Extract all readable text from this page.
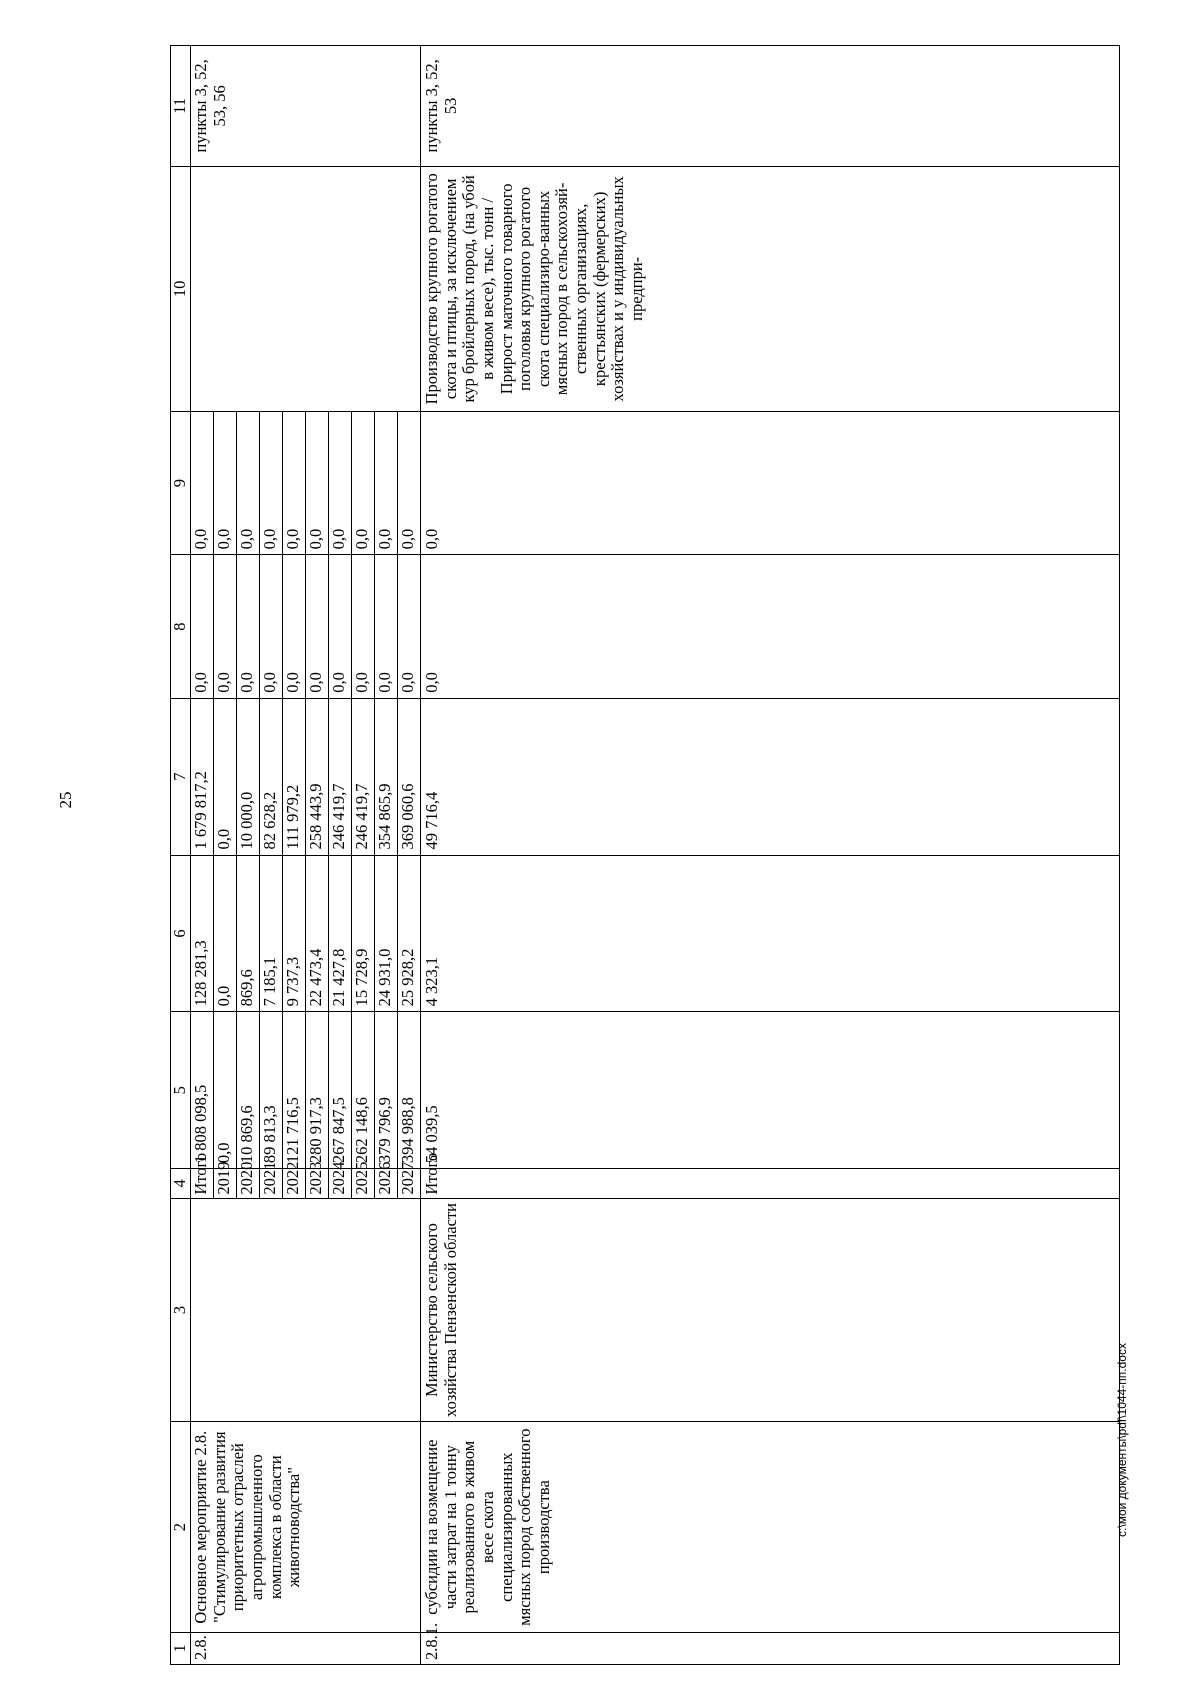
25
1	2	3	4	5	6	7	8	9	10	11
2.8.	Основное мероприятие 2.8. "Стимулирование развития приоритетных отраслей агропромышленного комплекса в области животноводства"		Итого	1 808 098,5	128 281,3	1 679 817,2	0,0	0,0		пункты 3, 52, 53, 56
			2019	0,0	0,0	0,0	0,0	0,0		
			2020	10 869,6	869,6	10 000,0	0,0	0,0		
			2021	89 813,3	7 185,1	82 628,2	0,0	0,0		
			2022	121 716,5	9 737,3	111 979,2	0,0	0,0		
			2023	280 917,3	22 473,4	258 443,9	0,0	0,0		
			2024	267 847,5	21 427,8	246 419,7	0,0	0,0		
			2025	262 148,6	15 728,9	246 419,7	0,0	0,0		
			2026	379 796,9	24 931,0	354 865,9	0,0	0,0		
			2027	394 988,8	25 928,2	369 060,6	0,0	0,0		
2.8.1.	субсидии на возмещение части затрат на 1 тонну реализованного в живом весе скота специализированных мясных пород собственного производства	Министерство сельского хозяйства Пензенской области	Итого	54 039,5	4 323,1	49 716,4	0,0	0,0	Производство крупного рогатого скота и птицы, за исключением кур бройлерных пород, (на убой в живом весе), тыс. тонн / Прирост маточного товарного поголовья крупного рогатого скота специализиро-ванных мясных пород в сельскохозяй-ственных организациях, крестьянских (фермерских) хозяйствах и у индивидуальных предпри-	пункты 3, 52, 53
c:\мои документы\pdf\1044-пп.docx
